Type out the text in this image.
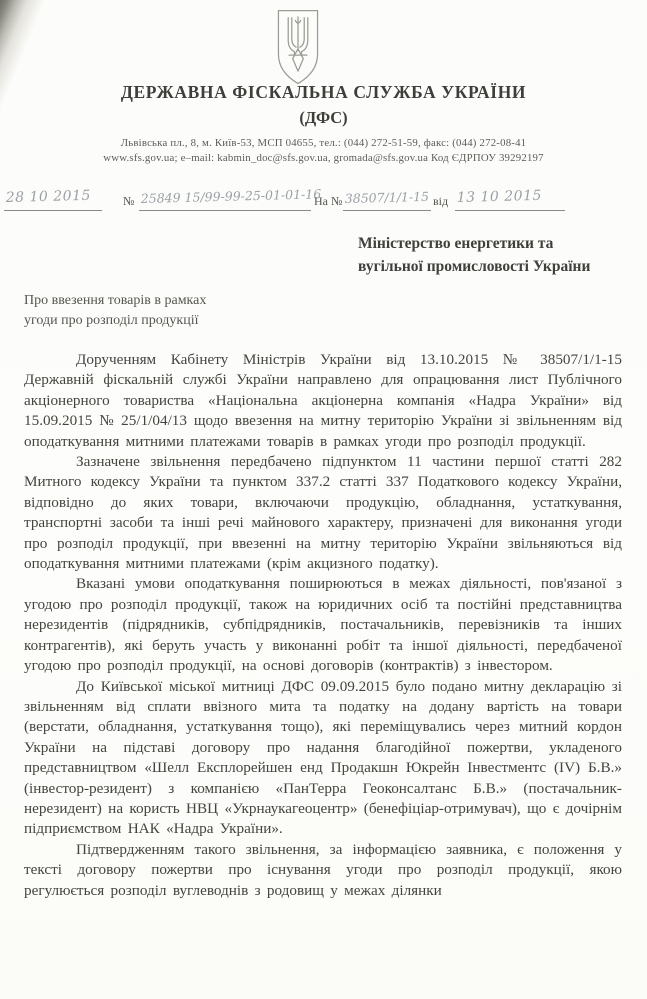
ДЕРЖАВНА ФІСКАЛЬНА СЛУЖБА УКРАЇНИ
(ДФС)
Львівська пл., 8, м. Київ-53, МСП 04655, тел.: (044) 272-51-59, факс: (044) 272-08-41
www.sfs.gov.ua; e–mail: kabmin_doc@sfs.gov.ua, gromada@sfs.gov.ua Код ЄДРПОУ 39292197
28 10 2015	№ 25849 15/99-99-25-01-01-16
На № 38507/1/1-15 від 13 10 2015
Міністерство енергетики та
вугільної промисловості України
Про ввезення товарів в рамках
угоди про розподіл продукції

Дорученням Кабінету Міністрів України від 13.10.2015 № 38507/1/1-15 Державній фіскальній службі України направлено для опрацювання лист Публічного акціонерного товариства «Національна акціонерна компанія «Надра України» від 15.09.2015 № 25/1/04/13 щодо ввезення на митну територію України зі звільненням від оподаткування митними платежами товарів в рамках угоди про розподіл продукції.

Зазначене звільнення передбачено підпунктом 11 частини першої статті 282 Митного кодексу України та пунктом 337.2 статті 337 Податкового кодексу України, відповідно до яких товари, включаючи продукцію, обладнання, устаткування, транспортні засоби та інші речі майнового характеру, призначені для виконання угоди про розподіл продукції, при ввезенні на митну територію України звільняються від оподаткування митними платежами (крім акцизного податку).

Вказані умови оподаткування поширюються в межах діяльності, пов'язаної з угодою про розподіл продукції, також на юридичних осіб та постійні представництва нерезидентів (підрядників, субпідрядників, постачальників, перевізників та інших контрагентів), які беруть участь у виконанні робіт та іншої діяльності, передбаченої угодою про розподіл продукції, на основі договорів (контрактів) з інвестором.

До Київської міської митниці ДФС 09.09.2015 було подано митну декларацію зі звільненням від сплати ввізного мита та податку на додану вартість на товари (верстати, обладнання, устаткування тощо), які переміщувались через митний кордон України на підставі договору про надання благодійної пожертви, укладеного представництвом «Шелл Експлорейшен енд Продакшн Юкрейн Інвестментс (IV) Б.В.» (інвестор-резидент) з компанією «ПанТерра Геоконсалтанс Б.В.» (постачальник-нерезидент) на користь НВЦ «Укрнаукагеоцентр» (бенефіціар-отримувач), що є дочірнім підприємством НАК «Надра України».

Підтвердженням такого звільнення, за інформацією заявника, є положення у тексті договору пожертви про існування угоди про розподіл продукції, якою регулюється розподіл вуглеводнів з родовищ у межах ділянки
